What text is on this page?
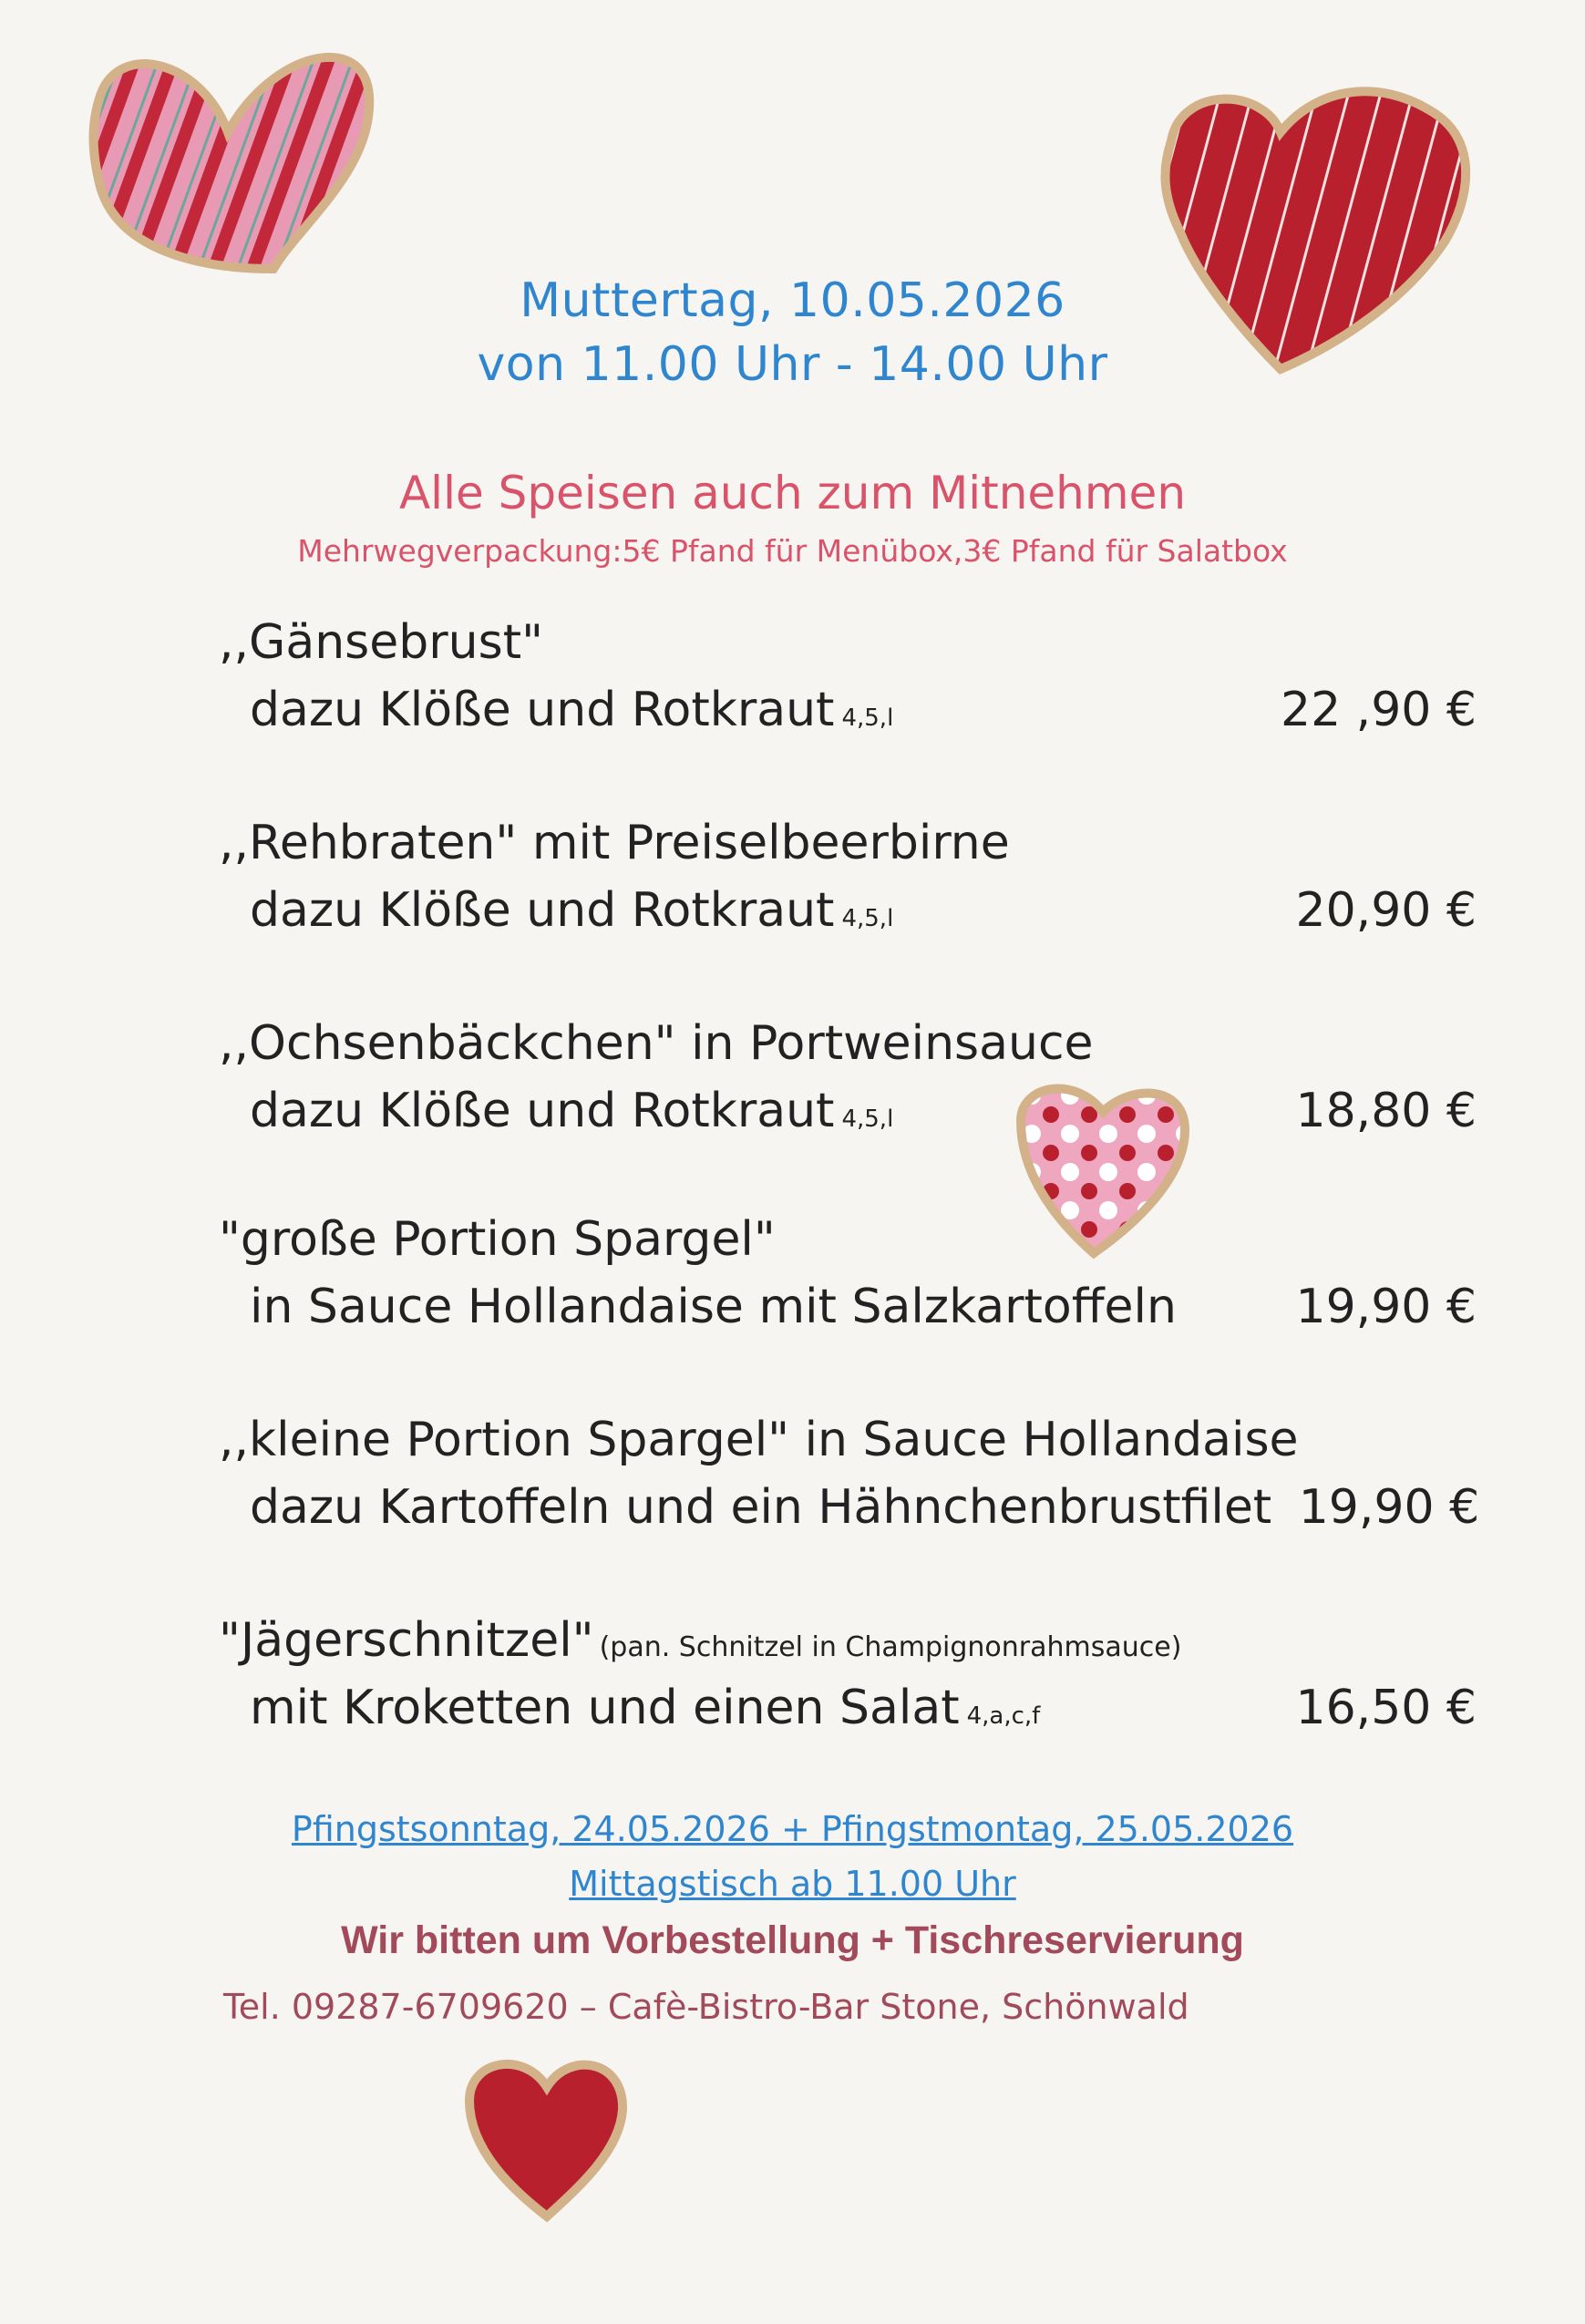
Muttertag, 10.05.2026
von 11.00 Uhr - 14.00 Uhr
Alle Speisen auch zum Mitnehmen
Mehrwegverpackung:5€ Pfand für Menübox,3€ Pfand für Salatbox
,,Gänsebrust"
dazu Klöße und Rotkraut 4,5,l	22 ,90 €
,,Rehbraten" mit Preiselbeerbirne
dazu Klöße und Rotkraut 4,5,l	20,90 €
,,Ochsenbäckchen" in Portweinsauce
dazu Klöße und Rotkraut 4,5,l	18,80 €
"große Portion Spargel"
in Sauce Hollandaise mit Salzkartoffeln	19,90 €
,,kleine Portion Spargel" in Sauce Hollandaise
dazu Kartoffeln und ein Hähnchenbrustfilet 19,90 €
"Jägerschnitzel" (pan. Schnitzel in Champignonrahmsauce)
mit Kroketten und einen Salat 4,a,c,f	16,50 €
Pfingstsonntag, 24.05.2026 + Pfingstmontag, 25.05.2026
Mittagstisch ab 11.00 Uhr
Wir bitten um Vorbestellung + Tischreservierung
Tel. 09287-6709620 – Cafè-Bistro-Bar Stone, Schönwald
